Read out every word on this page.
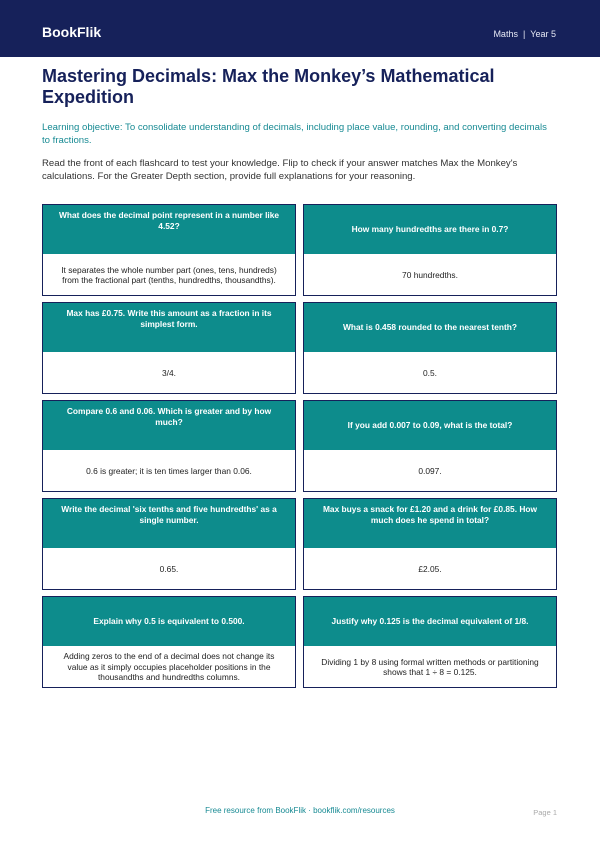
BookFlik	Maths | Year 5
Mastering Decimals: Max the Monkey’s Mathematical Expedition

Learning objective: To consolidate understanding of decimals, including place value, rounding, and converting decimals to fractions.

Read the front of each flashcard to test your knowledge. Flip to check if your answer matches Max the Monkey's calculations. For the Greater Depth section, provide full explanations for your reasoning.

What does the decimal point represent in a number like 4.52?
It separates the whole number part (ones, tens, hundreds) from the fractional part (tenths, hundredths, thousandths).
How many hundredths are there in 0.7?
70 hundredths.
Max has £0.75. Write this amount as a fraction in its simplest form.
3/4.
What is 0.458 rounded to the nearest tenth?
0.5.
Compare 0.6 and 0.06. Which is greater and by how much?
0.6 is greater; it is ten times larger than 0.06.
If you add 0.007 to 0.09, what is the total?
0.097.
Write the decimal 'six tenths and five hundredths' as a single number.
0.65.
Max buys a snack for £1.20 and a drink for £0.85. How much does he spend in total?
£2.05.
Explain why 0.5 is equivalent to 0.500.
Adding zeros to the end of a decimal does not change its value as it simply occupies placeholder positions in the thousandths and hundredths columns.
Justify why 0.125 is the decimal equivalent of 1/8.
Dividing 1 by 8 using formal written methods or partitioning shows that 1 ÷ 8 = 0.125.
Free resource from BookFlik · bookflik.com/resources	Page 1
